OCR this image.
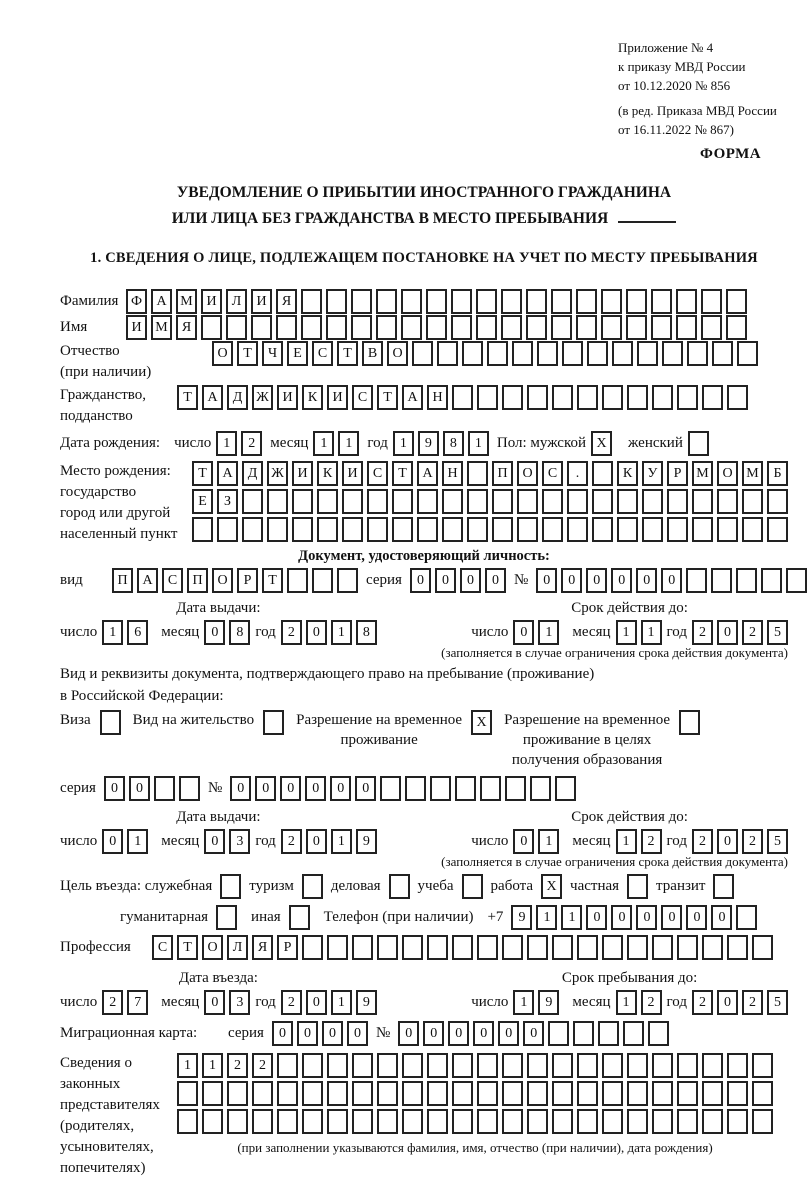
Приложение № 4
к приказу МВД России
от 10.12.2020 № 856
(в ред. Приказа МВД России
от 16.11.2022 № 867)
ФОРМА
УВЕДОМЛЕНИЕ О ПРИБЫТИИ ИНОСТРАННОГО ГРАЖДАНИНА
ИЛИ ЛИЦА БЕЗ ГРАЖДАНСТВА В МЕСТО ПРЕБЫВАНИЯ
1. СВЕДЕНИЯ О ЛИЦЕ, ПОДЛЕЖАЩЕМ ПОСТАНОВКЕ НА УЧЕТ ПО МЕСТУ ПРЕБЫВАНИЯ
Фамилия Ф	А М И	Л	И	Я
Имя	И М	Я
Отчество
(при наличии)
О	Т	Ч	Е	С	Т	В	О
Гражданство,
подданство
Т	А	Д Ж И	К	И	С	Т	А	Н
Дата рождения: число 1	2	месяц 1	1	год 1	9	8	1	Пол: мужской X	женский
Место рождения:
государство
город или другой
населенный пункт
Т	А	Д Ж И	К	И	С	Т	А	Н	П	О	С	.	К	У	Р	М О М	Б
Е	З
Документ, удостоверяющий личность:
вид	П	А	С	П	О	Р	Т	серия	0	0	0	0	№	0	0	0	0	0	0
Дата выдачи:
число 1	6	месяц 0	8 год 2	0	1	8
Срок действия до:
число 0	1	месяц 1	1 год 2	0	2	5
(заполняется в случае ограничения срока действия документа)
Вид и реквизиты документа, подтверждающего право на пребывание (проживание)
в Российской Федерации:
Виза	Вид на жительство	Разрешение на временное
проживание
X	Разрешение на временное
проживание в целях
получения образования
серия	0	0	№	0	0	0	0	0	0
Дата выдачи:
число 0	1	месяц 0	3 год 2	0	1	9
Срок действия до:
число 0	1	месяц 1	2 год 2	0	2	5
(заполняется в случае ограничения срока действия документа)
Цель въезда: служебная туризм деловая учеба работа X частная транзит
гуманитарная	иная	Телефон (при наличии) +7	9	1	1	0	0	0	0	0	0
Профессия	С	Т	О	Л	Я	Р
Дата въезда:
число 2	7	месяц 0	3 год 2	0	1	9
Срок пребывания до:
число 1	9	месяц 1	2 год 2	0	2	5
Миграционная карта:	серия	0	0	0	0	№	0	0	0	0	0	0
Сведения о
законных
представителях
(родителях,
усыновителях,
попечителях)
1	1	2	2
(при заполнении указываются фамилия, имя, отчество (при наличии), дата рождения)
